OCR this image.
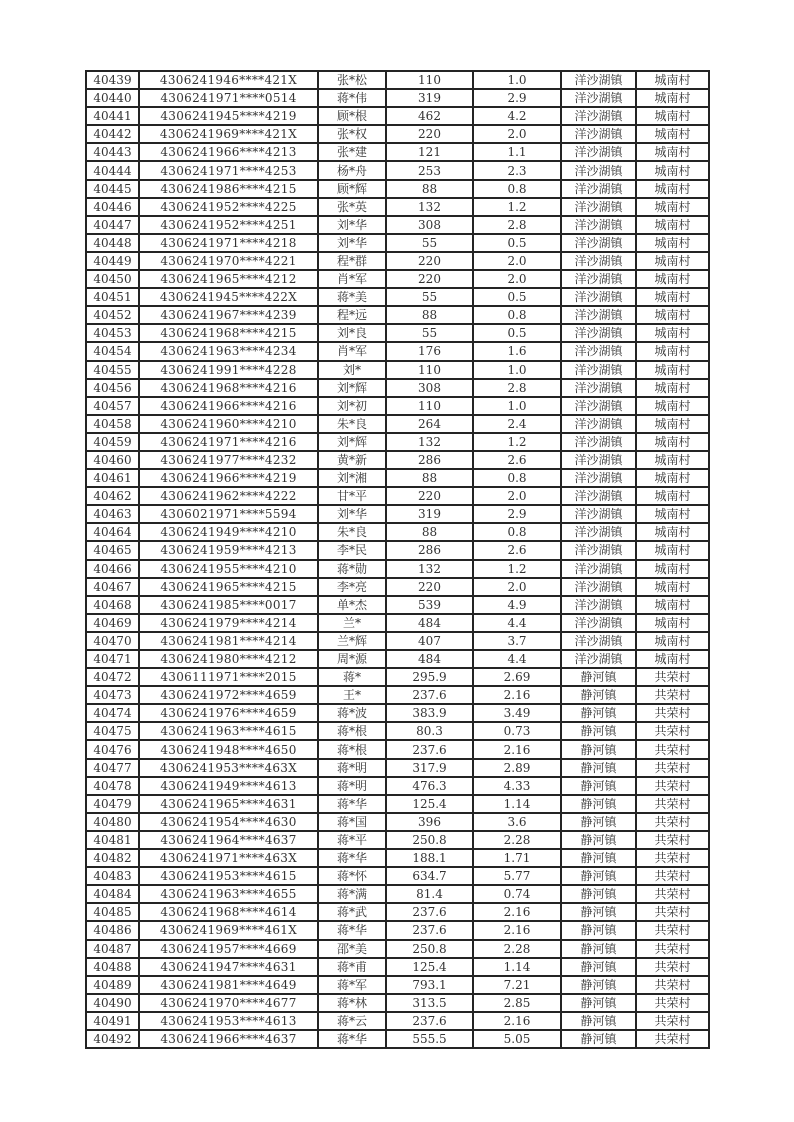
40439	4306241946****421X	张*松	110	1.0	洋沙湖镇	城南村
40440	4306241971****0514	蒋*伟	319	2.9	洋沙湖镇	城南村
40441	4306241945****4219	顾*根	462	4.2	洋沙湖镇	城南村
40442	4306241969****421X	张*权	220	2.0	洋沙湖镇	城南村
40443	4306241966****4213	张*建	121	1.1	洋沙湖镇	城南村
40444	4306241971****4253	杨*舟	253	2.3	洋沙湖镇	城南村
40445	4306241986****4215	顾*辉	88	0.8	洋沙湖镇	城南村
40446	4306241952****4225	张*英	132	1.2	洋沙湖镇	城南村
40447	4306241952****4251	刘*华	308	2.8	洋沙湖镇	城南村
40448	4306241971****4218	刘*华	55	0.5	洋沙湖镇	城南村
40449	4306241970****4221	程*群	220	2.0	洋沙湖镇	城南村
40450	4306241965****4212	肖*军	220	2.0	洋沙湖镇	城南村
40451	4306241945****422X	蒋*美	55	0.5	洋沙湖镇	城南村
40452	4306241967****4239	程*远	88	0.8	洋沙湖镇	城南村
40453	4306241968****4215	刘*良	55	0.5	洋沙湖镇	城南村
40454	4306241963****4234	肖*军	176	1.6	洋沙湖镇	城南村
40455	4306241991****4228	刘*	110	1.0	洋沙湖镇	城南村
40456	4306241968****4216	刘*辉	308	2.8	洋沙湖镇	城南村
40457	4306241966****4216	刘*初	110	1.0	洋沙湖镇	城南村
40458	4306241960****4210	朱*良	264	2.4	洋沙湖镇	城南村
40459	4306241971****4216	刘*辉	132	1.2	洋沙湖镇	城南村
40460	4306241977****4232	黄*新	286	2.6	洋沙湖镇	城南村
40461	4306241966****4219	刘*湘	88	0.8	洋沙湖镇	城南村
40462	4306241962****4222	甘*平	220	2.0	洋沙湖镇	城南村
40463	4306021971****5594	刘*华	319	2.9	洋沙湖镇	城南村
40464	4306241949****4210	朱*良	88	0.8	洋沙湖镇	城南村
40465	4306241959****4213	李*民	286	2.6	洋沙湖镇	城南村
40466	4306241955****4210	蒋*勋	132	1.2	洋沙湖镇	城南村
40467	4306241965****4215	李*亮	220	2.0	洋沙湖镇	城南村
40468	4306241985****0017	单*杰	539	4.9	洋沙湖镇	城南村
40469	4306241979****4214	兰*	484	4.4	洋沙湖镇	城南村
40470	4306241981****4214	兰*辉	407	3.7	洋沙湖镇	城南村
40471	4306241980****4212	周*源	484	4.4	洋沙湖镇	城南村
40472	4306111971****2015	蒋*	295.9	2.69	静河镇	共荣村
40473	4306241972****4659	王*	237.6	2.16	静河镇	共荣村
40474	4306241976****4659	蒋*波	383.9	3.49	静河镇	共荣村
40475	4306241963****4615	蒋*根	80.3	0.73	静河镇	共荣村
40476	4306241948****4650	蒋*根	237.6	2.16	静河镇	共荣村
40477	4306241953****463X	蒋*明	317.9	2.89	静河镇	共荣村
40478	4306241949****4613	蒋*明	476.3	4.33	静河镇	共荣村
40479	4306241965****4631	蒋*华	125.4	1.14	静河镇	共荣村
40480	4306241954****4630	蒋*国	396	3.6	静河镇	共荣村
40481	4306241964****4637	蒋*平	250.8	2.28	静河镇	共荣村
40482	4306241971****463X	蒋*华	188.1	1.71	静河镇	共荣村
40483	4306241953****4615	蒋*怀	634.7	5.77	静河镇	共荣村
40484	4306241963****4655	蒋*满	81.4	0.74	静河镇	共荣村
40485	4306241968****4614	蒋*武	237.6	2.16	静河镇	共荣村
40486	4306241969****461X	蒋*华	237.6	2.16	静河镇	共荣村
40487	4306241957****4669	邵*美	250.8	2.28	静河镇	共荣村
40488	4306241947****4631	蒋*甫	125.4	1.14	静河镇	共荣村
40489	4306241981****4649	蒋*军	793.1	7.21	静河镇	共荣村
40490	4306241970****4677	蒋*林	313.5	2.85	静河镇	共荣村
40491	4306241953****4613	蒋*云	237.6	2.16	静河镇	共荣村
40492	4306241966****4637	蒋*华	555.5	5.05	静河镇	共荣村
